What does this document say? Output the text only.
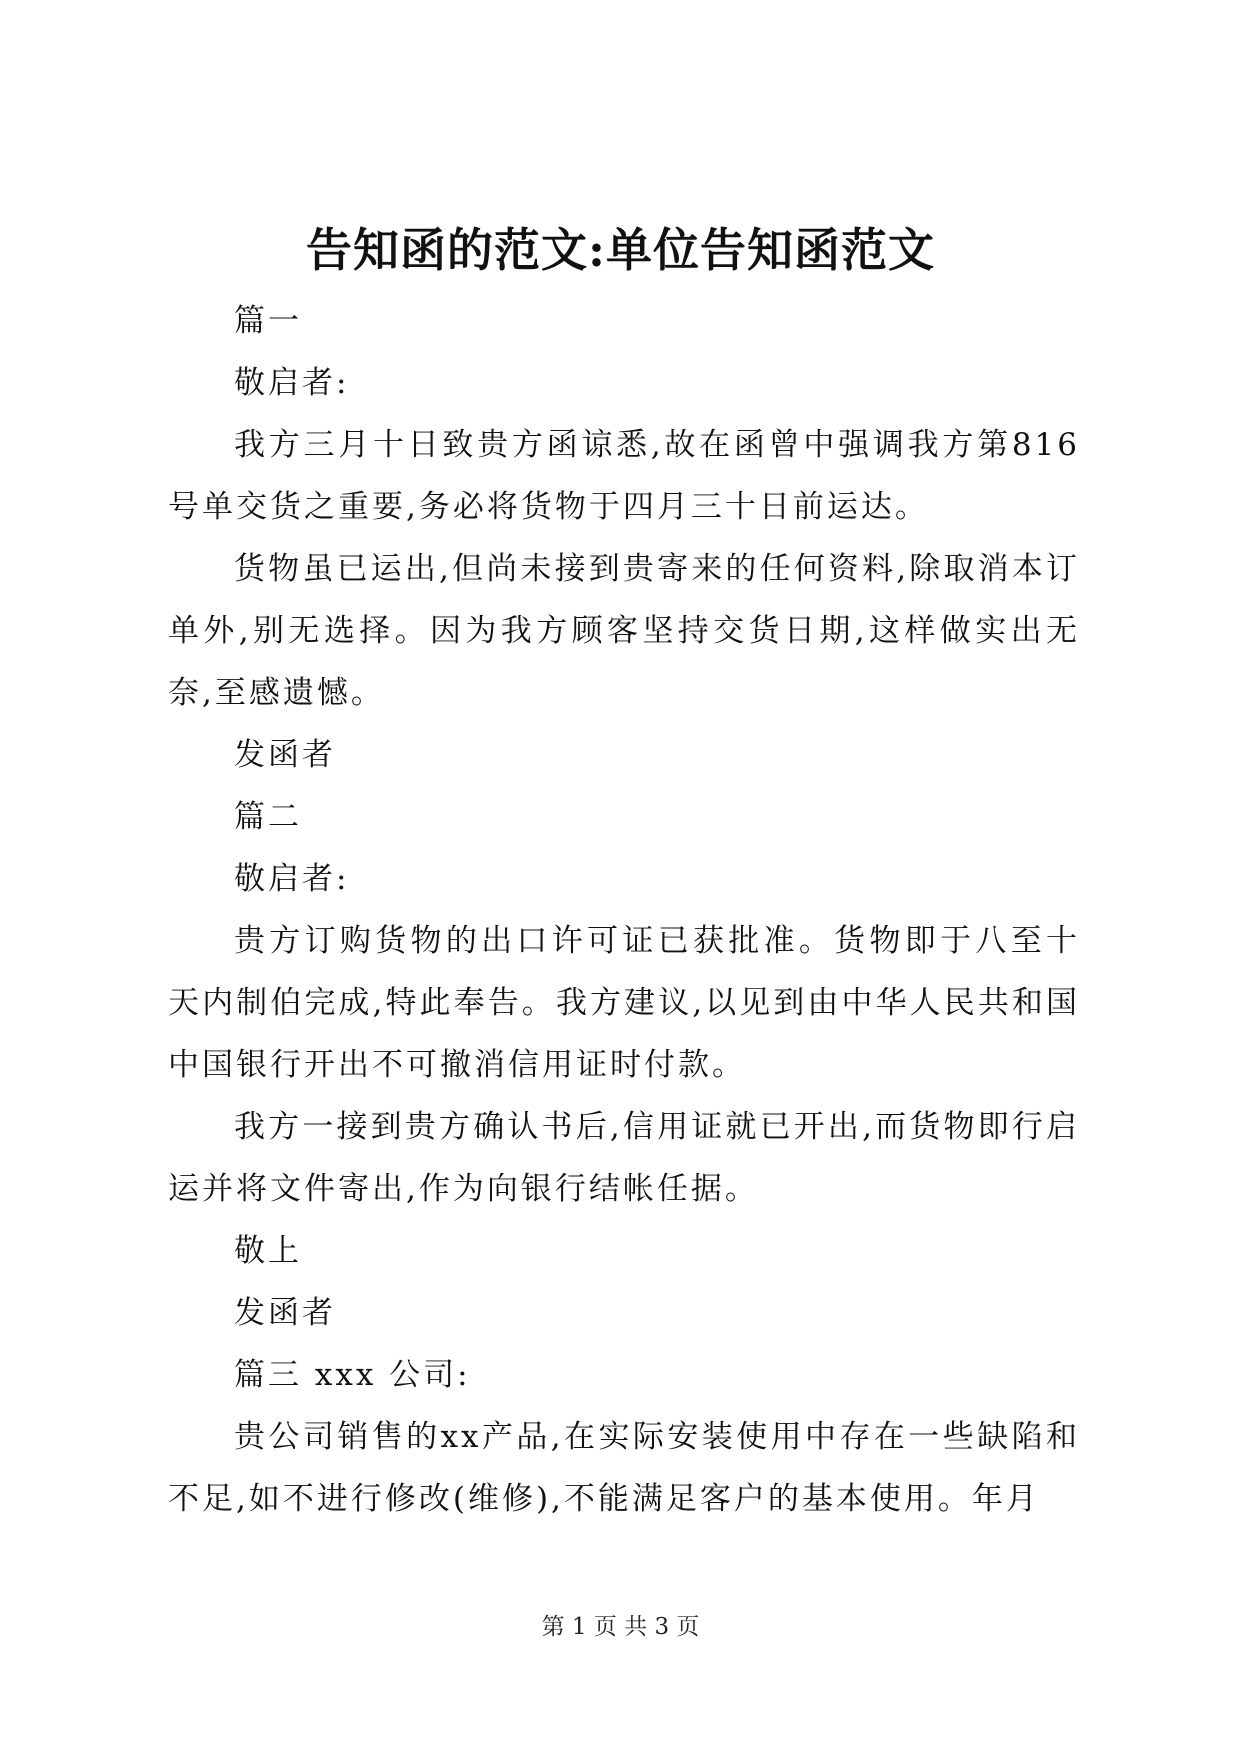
告知函的范文:单位告知函范文

篇一

敬启者:

我方三月十日致贵方函谅悉,故在函曾中强调我方第816号单交货之重要,务必将货物于四月三十日前运达。

货物虽已运出,但尚未接到贵寄来的任何资料,除取消本订单外,别无选择。因为我方顾客坚持交货日期,这样做实出无奈,至感遗憾。

发函者

篇二

敬启者:

贵方订购货物的出口许可证已获批准。货物即于八至十天内制伯完成,特此奉告。我方建议,以见到由中华人民共和国中国银行开出不可撤消信用证时付款。

我方一接到贵方确认书后,信用证就已开出,而货物即行启运并将文件寄出,作为向银行结帐任据。

敬上

发函者

篇三 xxx 公司:

贵公司销售的xx产品,在实际安装使用中存在一些缺陷和不足,如不进行修改(维修),不能满足客户的基本使用。年月

第 1 页 共 3 页
